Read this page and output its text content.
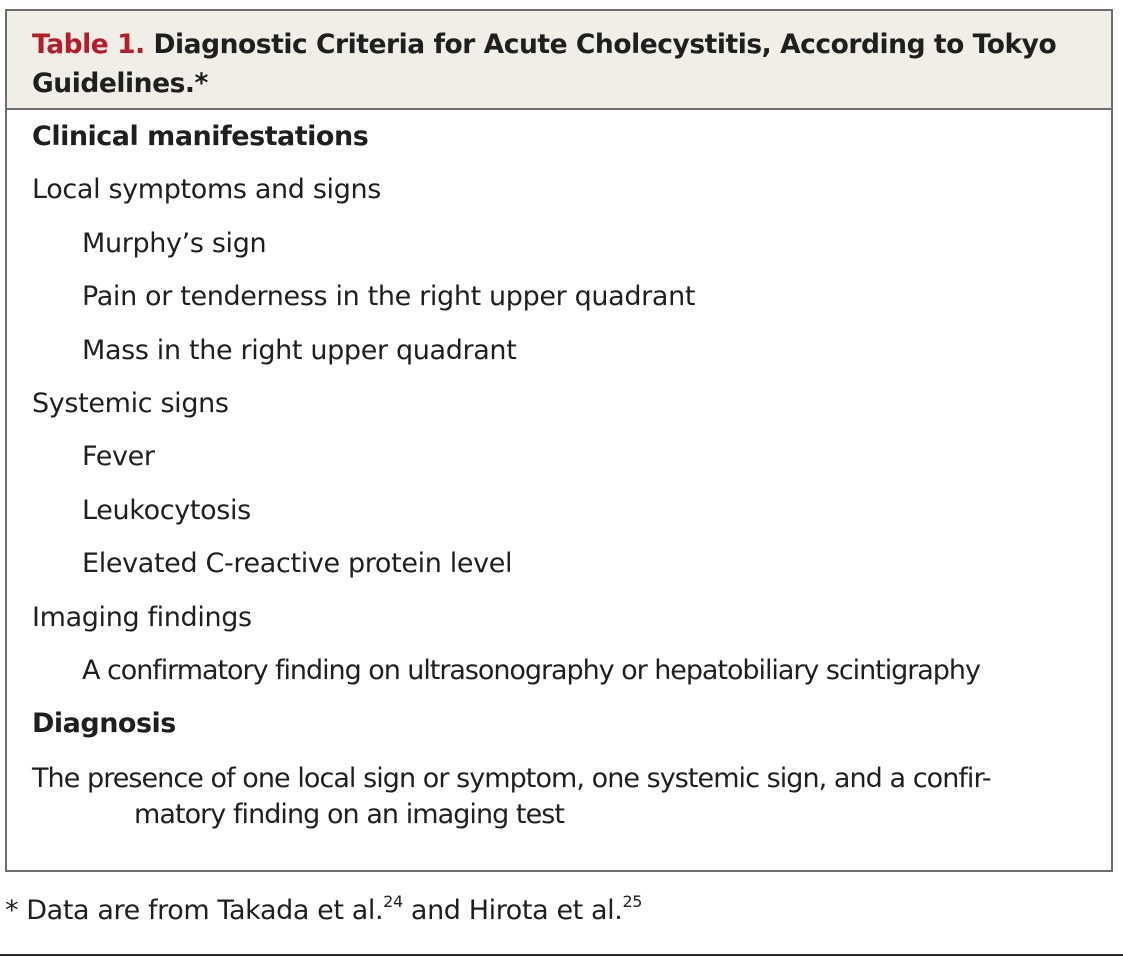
Table 1. Diagnostic Criteria for Acute Cholecystitis, According to Tokyo Guidelines.*
Clinical manifestations
Local symptoms and signs
Murphy’s sign
Pain or tenderness in the right upper quadrant
Mass in the right upper quadrant
Systemic signs
Fever
Leukocytosis
Elevated C-reactive protein level
Imaging findings
A confirmatory finding on ultrasonography or hepatobiliary scintigraphy
Diagnosis
The presence of one local sign or symptom, one systemic sign, and a confir-
matory finding on an imaging test
* Data are from Takada et al.$^{24}$ and Hirota et al.$^{25}$
